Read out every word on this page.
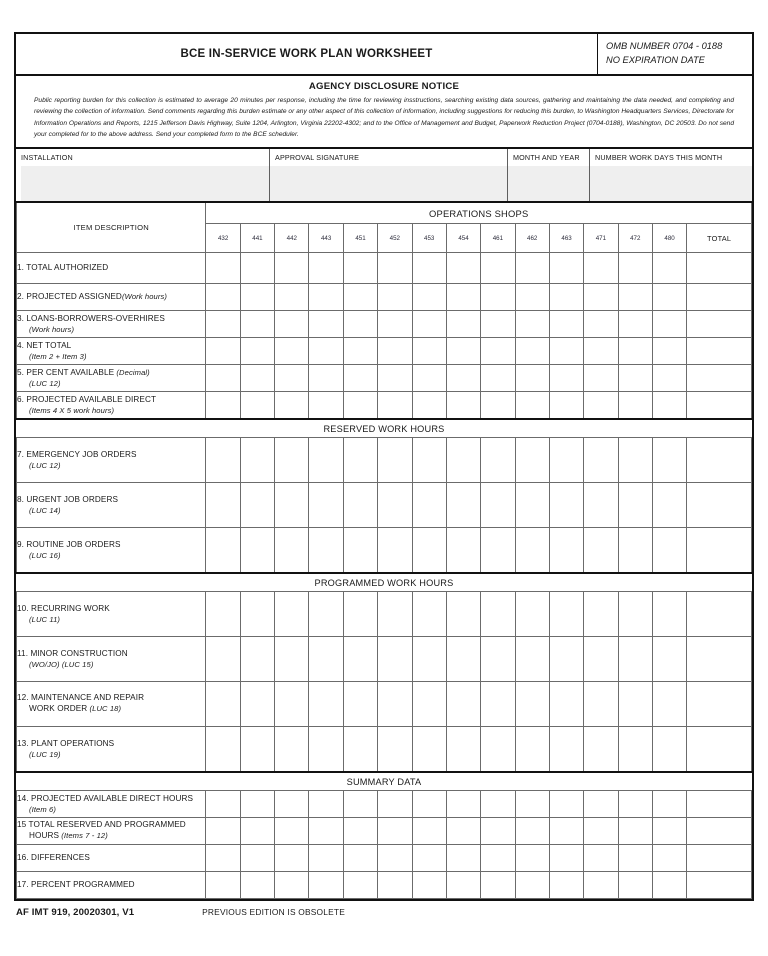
BCE IN-SERVICE WORK PLAN WORKSHEET
OMB NUMBER 0704 - 0188
NO EXPIRATION DATE
AGENCY DISCLOSURE NOTICE
Public reporting burden for this collection is estimated to average 20 minutes per response, including the time for reviewing insstructions, searching existing data sources, gathering and maintaining the data needed, and completing and reviewing the collection of information. Send comments regarding this burden estimate or any other aspect of this collection of information, including suggestions for reducing this burden, to Washington Headquarters Services, Directorate for Information Operations and Reports, 1215 Jefferson Davis Highway, Suite 1204, Arlington, Virginia 22202-4302; and to the Office of Management and Budget, Paperwork Reduction Project (0704-0188), Washington, DC 20503. Do not send your completed for to the above address. Send your completed form to the BCE scheduler.
INSTALLATION	APPROVAL SIGNATURE	MONTH AND YEAR	NUMBER WORK DAYS THIS MONTH
ITEM DESCRIPTION	OPERATIONS SHOPS														
	432	441	442	443	451	452	453	454	461	462	463	471	472	480	TOTAL
1. TOTAL AUTHORIZED															
2. PROJECTED ASSIGNED(Work hours)															
3. LOANS-BORROWERS-OVERHIRES
(Work hours)															

4. NET TOTAL
(Item 2 + Item 3)															

5. PER CENT AVAILABLE (Decimal)
(LUC 12)															

6. PROJECTED AVAILABLE DIRECT
(Items 4 X 5 work hours)															

RESERVED WORK HOURS															
7. EMERGENCY JOB ORDERS
(LUC 12)															

8. URGENT JOB ORDERS
(LUC 14)															

9. ROUTINE JOB ORDERS
(LUC 16)															

PROGRAMMED WORK HOURS															
10. RECURRING WORK
(LUC 11)															

11. MINOR CONSTRUCTION
(WO/JO) (LUC 15)															

12. MAINTENANCE AND REPAIR
WORK ORDER (LUC 18)															

13. PLANT OPERATIONS
(LUC 19)															

SUMMARY DATA															
14. PROJECTED AVAILABLE DIRECT HOURS
(Item 6)															

15 TOTAL RESERVED AND PROGRAMMED
HOURS (Items 7 - 12)															

16. DIFFERENCES															
17. PERCENT PROGRAMMED															
AF IMT 919, 20020301, V1	PREVIOUS EDITION IS OBSOLETE
